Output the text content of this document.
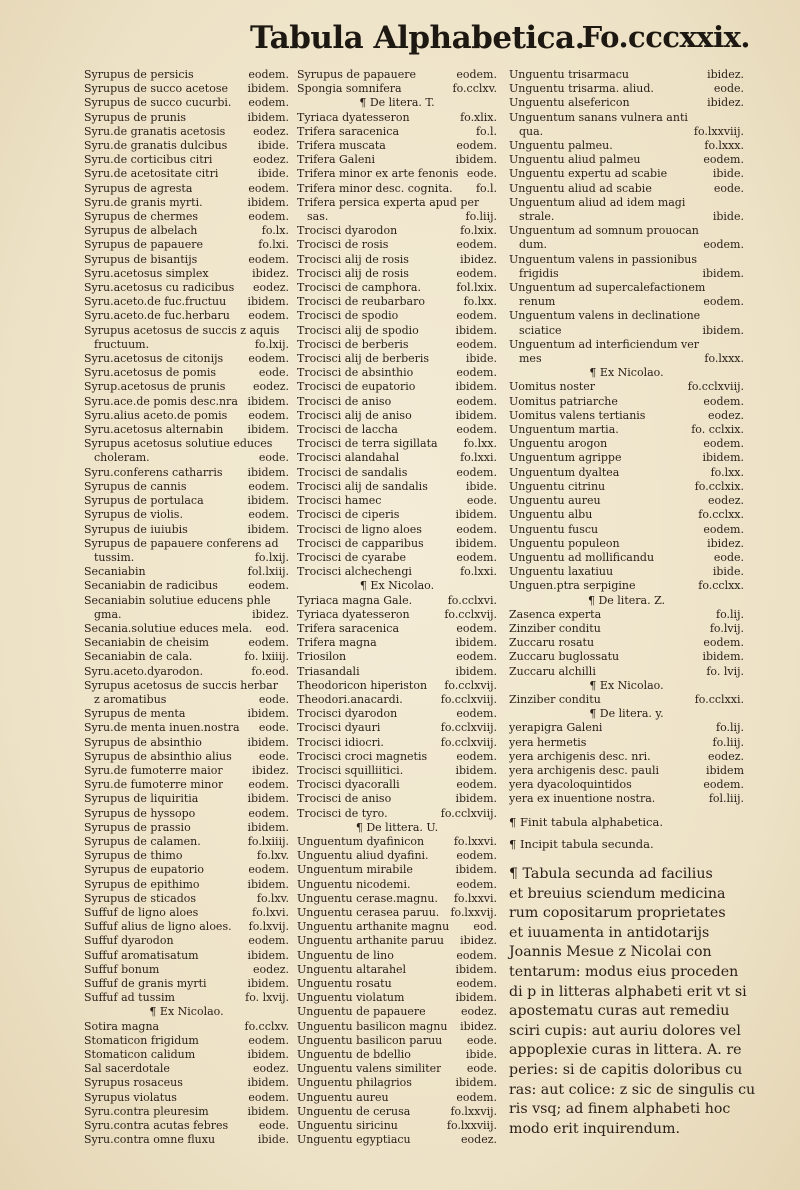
Tabula Alphabetica.
Fo.cccxxix.
Syrupus de persicis	eodem.
Syrupus de succo acetose	ibidem.
Syrupus de succo cucurbi.	eodem.
Syrupus de prunis	ibidem.
Syru.de granatis acetosis	eodez.
Syru.de granatis dulcibus	ibide.
Syru.de corticibus citri	eodez.
Syru.de acetositate citri	ibide.
Syrupus de agresta	eodem.
Syru.de granis myrti.	ibidem.
Syrupus de chermes	eodem.
Syrupus de albelach	fo.lx.
Syrupus de papauere	fo.lxi.
Syrupus de bisantijs	eodem.
Syru.acetosus simplex	ibidez.
Syru.acetosus cu radicibus	eodez.
Syru.aceto.de fuc.fructuu	ibidem.
Syru.aceto.de fuc.herbaru	eodem.
Syrupus acetosus de succis z aquis
fructuum.	fo.lxij.
Syru.acetosus de citonijs	eodem.
Syru.acetosus de pomis	eode.
Syrup.acetosus de prunis	eodez.
Syru.ace.de pomis desc.nra ibidem.
Syru.alius aceto.de pomis	eodem.
Syru.acetosus alternabin	ibidem.
Syrupus acetosus solutiue educes
choleram.	eode.
Syru.conferens catharris	ibidem.
Syrupus de cannis	eodem.
Syrupus de portulaca	ibidem.
Syrupus de violis.	eodem.
Syrupus de iuiubis	ibidem.
Syrupus de papauere conferens ad
tussim.	fo.lxij.
Secaniabin	fol.lxiij.
Secaniabin de radicibus	eodem.
Secaniabin solutiue educens phle
gma.	ibidez.
Secania.solutiue educes mela.	eod.
Secaniabin de cheisim	eodem.
Secaniabin de cala.	fo. lxiiij.
Syru.aceto.dyarodon.	fo.eod.
Syrupus acetosus de succis herbar
z aromatibus	eode.
Syrupus de menta	ibidem.
Syru.de menta inuen.nostra	eode.
Syrupus de absinthio	ibidem.
Syrupus de absinthio alius	eode.
Syru.de fumoterre maior	ibidez.
Syru.de fumoterre minor	eodem.
Syrupus de liquiritia	ibidem.
Syrupus de hyssopo	eodem.
Syrupus de prassio	ibidem.
Syrupus de calamen.	fo.lxiiij.
Syrupus de thimo	fo.lxv.
Syrupus de eupatorio	eodem.
Syrupus de epithimo	ibidem.
Syrupus de sticados	fo.lxv.
Suffuf de ligno aloes	fo.lxvi.
Suffuf alius de ligno aloes.	fo.lxvij.
Suffuf dyarodon	eodem.
Suffuf aromatisatum	ibidem.
Suffuf bonum	eodez.
Suffuf de granis myrti	ibidem.
Suffuf ad tussim	fo. lxvij.
¶ Ex Nicolao.
Sotira magna	fo.cclxv.
Stomaticon frigidum	eodem.
Stomaticon calidum	ibidem.
Sal sacerdotale	eodez.
Syrupus rosaceus	ibidem.
Syrupus violatus	eodem.
Syru.contra pleuresim	ibidem.
Syru.contra acutas febres	eode.
Syru.contra omne fluxu	ibide.
Syrupus de papauere	eodem.
Spongia somnifera	fo.cclxv.
¶ De litera. T.
Tyriaca dyatesseron	fo.xlix.
Trifera saracenica	fo.l.
Trifera muscata	eodem.
Trifera Galeni	ibidem.
Trifera minor ex arte fenonis eode.
Trifera minor desc. cognita.	fo.l.
Trifera persica experta apud per
sas.	fo.liij.
Trocisci dyarodon	fo.lxix.
Trocisci de rosis	eodem.
Trocisci alij de rosis	ibidez.
Trocisci alij de rosis	eodem.
Trocisci de camphora.	fol.lxix.
Trocisci de reubarbaro	fo.lxx.
Trocisci de spodio	eodem.
Trocisci alij de spodio	ibidem.
Trocisci de berberis	eodem.
Trocisci alij de berberis	ibide.
Trocisci de absinthio	eodem.
Trocisci de eupatorio	ibidem.
Trocisci de aniso	eodem.
Trocisci alij de aniso	ibidem.
Trocisci de laccha	eodem.
Trocisci de terra sigillata	fo.lxx.
Trocisci alandahal	fo.lxxi.
Trocisci de sandalis	eodem.
Trocisci alij de sandalis	ibide.
Trocisci hamec	eode.
Trocisci de ciperis	ibidem.
Trocisci de ligno aloes	eodem.
Trocisci de capparibus	ibidem.
Trocisci de cyarabe	eodem.
Trocisci alchechengi	fo.lxxi.
¶ Ex Nicolao.
Tyriaca magna Gale.	fo.cclxvi.
Tyriaca dyatesseron	fo.cclxvij.
Trifera saracenica	eodem.
Trifera magna	ibidem.
Triosilon	eodem.
Triasandali	ibidem.
Theodoricon hiperiston	fo.cclxvij.
Theodori.anacardi.	fo.cclxviij.
Trocisci dyarodon	eodem.
Trocisci dyauri	fo.cclxviij.
Trocisci idiocri.	fo.cclxviij.
Trocisci croci magnetis	eodem.
Trocisci squilliitici.	ibidem.
Trocisci dyacoralli	eodem.
Trocisci de aniso	ibidem.
Trocisci de tyro.	fo.cclxviij.
¶ De littera. U.
Unguentum dyafinicon	fo.lxxvi.
Unguentu aliud dyafini.	eodem.
Unguentum mirabile	ibidem.
Unguentu nicodemi.	eodem.
Unguentu cerase.magnu.	fo.lxxvi.
Unguentu cerasea paruu.	fo.lxxvij.
Unguentu arthanite magnu	eod.
Unguentu arthanite paruu	ibidez.
Unguentu de lino	eodem.
Unguentu altarahel	ibidem.
Unguentu rosatu	eodem.
Unguentu violatum	ibidem.
Unguentu de papauere	eodez.
Unguentu basilicon magnu	ibidez.
Unguentu basilicon paruu	eode.
Unguentu de bdellio	ibide.
Unguentu valens similiter	eode.
Unguentu philagrios	ibidem.
Unguentu aureu	eodem.
Unguentu de cerusa	fo.lxxvij.
Unguentu siricinu	fo.lxxviij.
Unguentu egyptiacu	eodez.
Unguentu trisarmacu	ibidez.
Unguentu trisarma. aliud.	eode.
Unguentu alsefericon	ibidez.
Unguentum sanans vulnera anti
qua.	fo.lxxviij.
Unguentu palmeu.	fo.lxxx.
Unguentu aliud palmeu	eodem.
Unguentu expertu ad scabie	ibide.
Unguentu aliud ad scabie	eode.
Unguentum aliud ad idem magi
strale.	ibide.
Unguentum ad somnum prouocan
dum.	eodem.
Unguentum valens in passionibus
frigidis	ibidem.
Unguentum ad supercalefactionem
renum	eodem.
Unguentum valens in declinatione
sciatice	ibidem.
Unguentum ad interficiendum ver
mes	fo.lxxx.
¶ Ex Nicolao.
Uomitus noster	fo.cclxviij.
Uomitus patriarche	eodem.
Uomitus valens tertianis	eodez.
Unguentum martia.	fo. cclxix.
Unguentu arogon	eodem.
Unguentum agrippe	ibidem.
Unguentum dyaltea	fo.lxx.
Unguentu citrinu	fo.cclxix.
Unguentu aureu	eodez.
Unguentu albu	fo.cclxx.
Unguentu fuscu	eodem.
Unguentu populeon	ibidez.
Unguentu ad mollificandu	eode.
Unguentu laxatiuu	ibide.
Unguen.ptra serpigine	fo.cclxx.
¶ De litera. Z.
Zasenca experta	fo.lij.
Zinziber conditu	fo.lvij.
Zuccaru rosatu	eodem.
Zuccaru buglossatu	ibidem.
Zuccaru alchilli	fo. lvij.
¶ Ex Nicolao.
Zinziber conditu	fo.cclxxi.
¶ De litera. y.
yerapigra Galeni	fo.lij.
yera hermetis	fo.liij.
yera archigenis desc. nri.	eodez.
yera archigenis desc. pauli	ibidem
yera dyacoloquintidos	eodem.
yera ex inuentione nostra.	fol.liij.
¶ Finit tabula alphabetica.
¶ Incipit tabula secunda.
¶ Tabula secunda ad facilius
et breuius sciendum medicina
rum copositarum proprietates
et iuuamenta in antidotarijs
Joannis Mesue z Nicolai con
tentarum: modus eius proceden
di p in litteras alphabeti erit vt si
apostematu curas aut remediu
sciri cupis: aut auriu dolores vel
appoplexie curas in littera. A. re
peries: si de capitis doloribus cu
ras: aut colice: z sic de singulis cu
ris vsq; ad finem alphabeti hoc
modo erit inquirendum.
